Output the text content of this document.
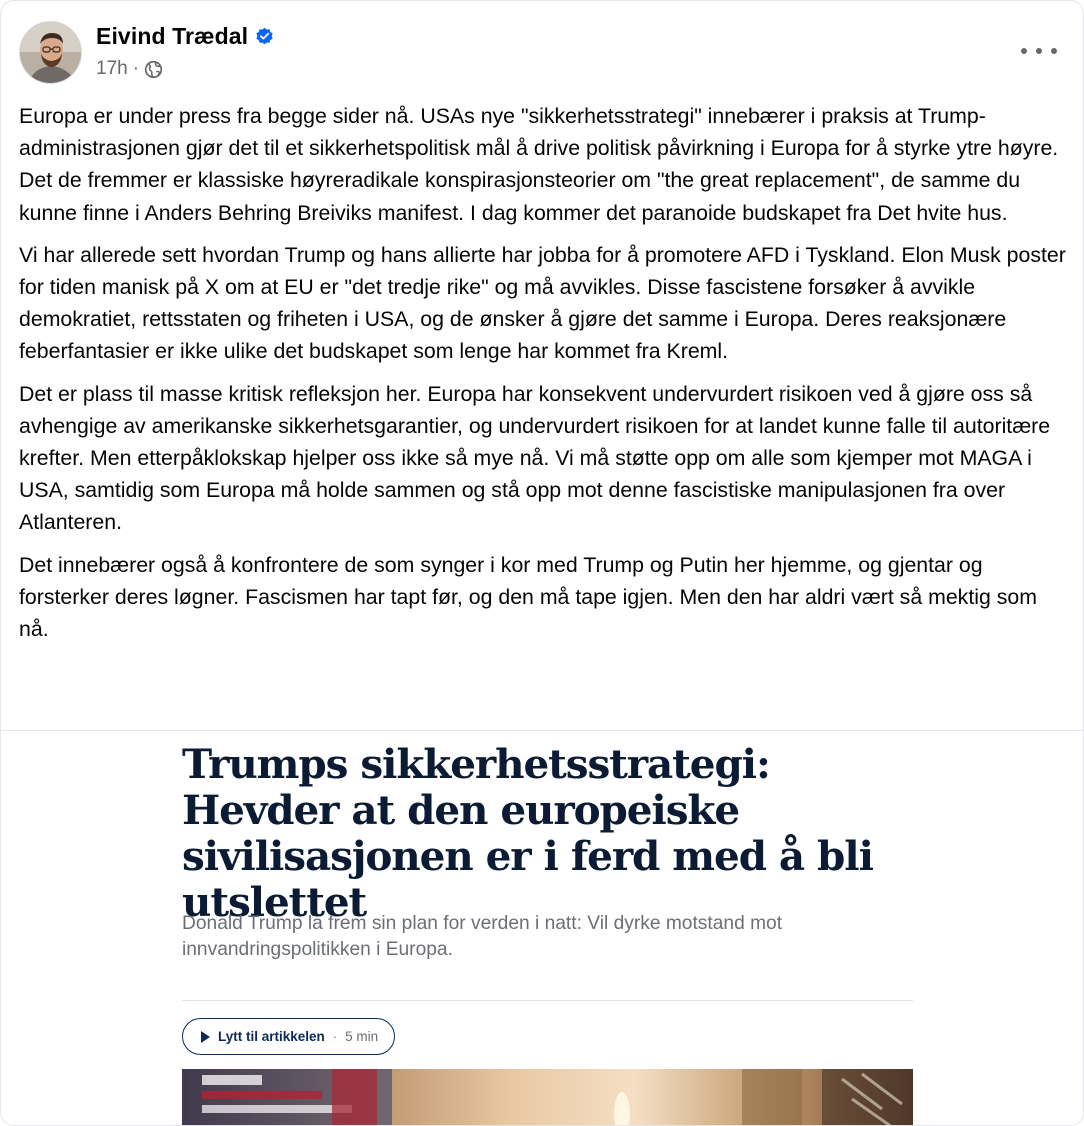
Eivind Trædal
17h ·

Europa er under press fra begge sider nå. USAs nye "sikkerhetsstrategi" innebærer i praksis at Trump-administrasjonen gjør det til et sikkerhetspolitisk mål å drive politisk påvirkning i Europa for å styrke ytre høyre. Det de fremmer er klassiske høyreradikale konspirasjonsteorier om "the great replacement", de samme du kunne finne i Anders Behring Breiviks manifest. I dag kommer det paranoide budskapet fra Det hvite hus.

Vi har allerede sett hvordan Trump og hans allierte har jobba for å promotere AFD i Tyskland. Elon Musk poster for tiden manisk på X om at EU er "det tredje rike" og må avvikles. Disse fascistene forsøker å avvikle demokratiet, rettsstaten og friheten i USA, og de ønsker å gjøre det samme i Europa. Deres reaksjonære feberfantasier er ikke ulike det budskapet som lenge har kommet fra Kreml.

Det er plass til masse kritisk refleksjon her. Europa har konsekvent undervurdert risikoen ved å gjøre oss så avhengige av amerikanske sikkerhetsgarantier, og undervurdert risikoen for at landet kunne falle til autoritære krefter. Men etterpåklokskap hjelper oss ikke så mye nå. Vi må støtte opp om alle som kjemper mot MAGA i USA, samtidig som Europa må holde sammen og stå opp mot denne fascistiske manipulasjonen fra over Atlanteren.

Det innebærer også å konfrontere de som synger i kor med Trump og Putin her hjemme, og gjentar og forsterker deres løgner. Fascismen har tapt før, og den må tape igjen. Men den har aldri vært så mektig som nå.

Trumps sikkerhetsstrategi: Hevder at den europeiske sivilisasjonen er i ferd med å bli utslettet
Donald Trump la frem sin plan for verden i natt: Vil dyrke motstand mot innvandringspolitikken i Europa.
Lytt til artikkelen · 5 min
